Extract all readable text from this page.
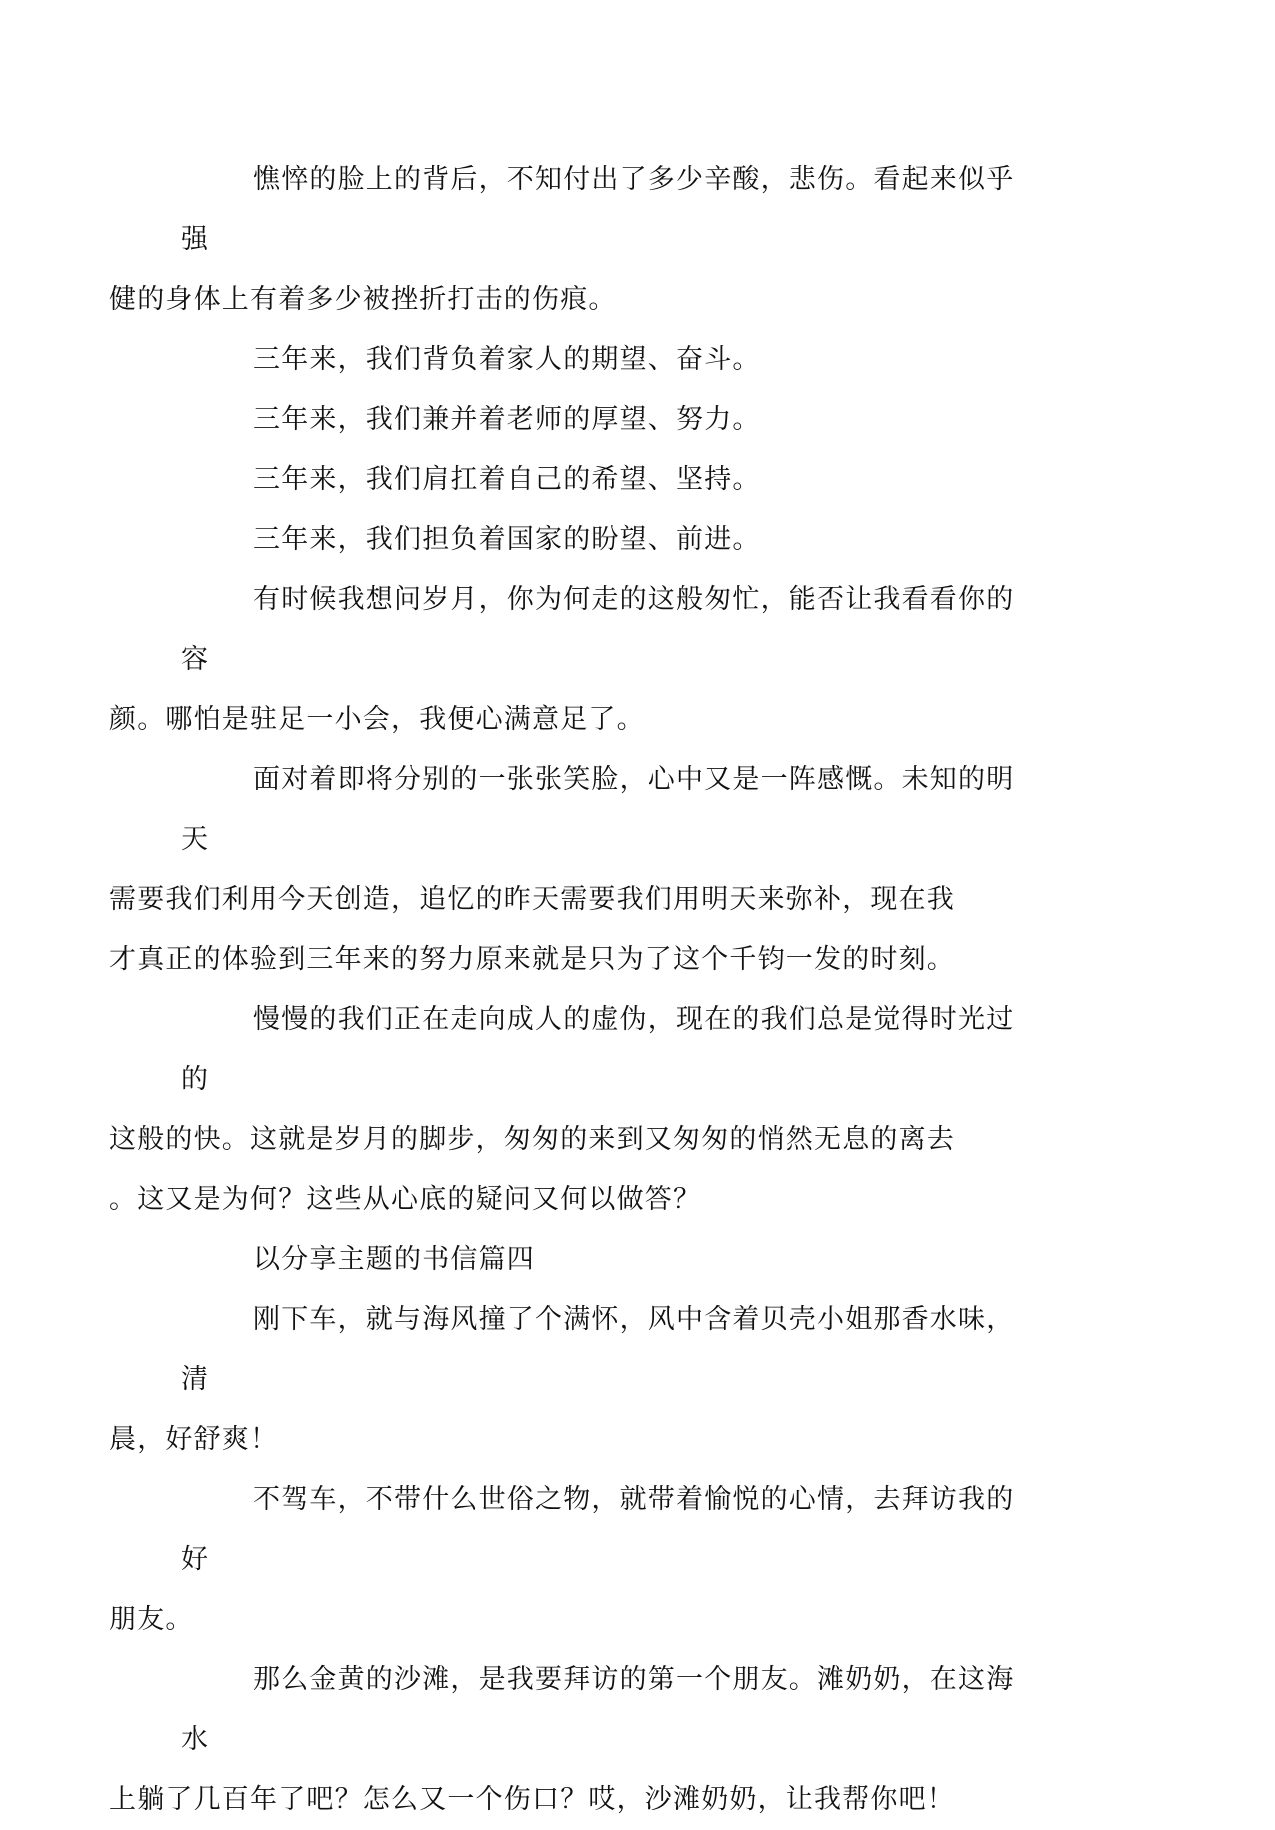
憔悴的脸上的背后，不知付出了多少辛酸，悲伤。看起来似乎强
健的身体上有着多少被挫折打击的伤痕。

三年来，我们背负着家人的期望、奋斗。

三年来，我们兼并着老师的厚望、努力。

三年来，我们肩扛着自己的希望、坚持。

三年来，我们担负着国家的盼望、前进。

有时候我想问岁月，你为何走的这般匆忙，能否让我看看你的容
颜。哪怕是驻足一小会，我便心满意足了。

面对着即将分别的一张张笑脸，心中又是一阵感慨。未知的明天
需要我们利用今天创造，追忆的昨天需要我们用明天来弥补，现在我
才真正的体验到三年来的努力原来就是只为了这个千钧一发的时刻。

慢慢的我们正在走向成人的虚伪，现在的我们总是觉得时光过的
这般的快。这就是岁月的脚步，匆匆的来到又匆匆的悄然无息的离去
。这又是为何？这些从心底的疑问又何以做答？

以分享主题的书信篇四

刚下车，就与海风撞了个满怀，风中含着贝壳小姐那香水味，清
晨，好舒爽！

不驾车，不带什么世俗之物，就带着愉悦的心情，去拜访我的好
朋友。

那么金黄的沙滩，是我要拜访的第一个朋友。滩奶奶，在这海水
上躺了几百年了吧？怎么又一个伤口？哎，沙滩奶奶，让我帮你吧！
